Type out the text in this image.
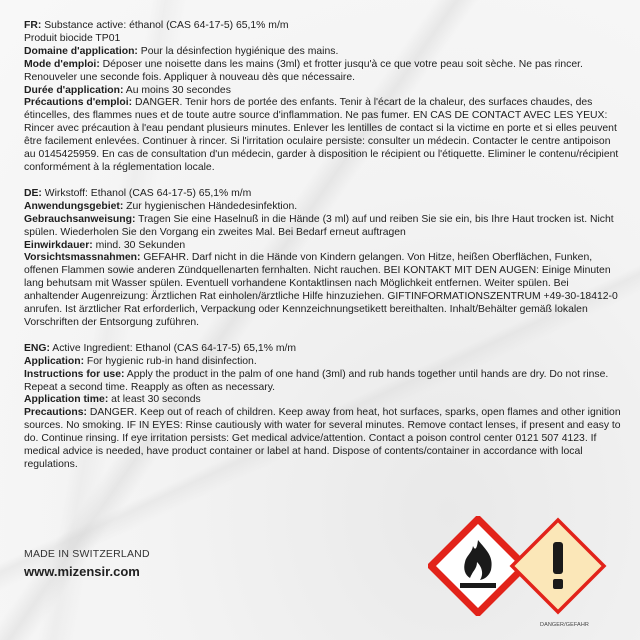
FR: Substance active: éthanol (CAS 64-17-5) 65,1% m/m
Produit biocide TP01
Domaine d'application: Pour la désinfection hygiénique des mains.
Mode d'emploi: Déposer une noisette dans les mains (3ml) et frotter jusqu'à ce que votre peau soit sèche. Ne pas rincer. Renouveler une seconde fois. Appliquer à nouveau dès que nécessaire.
Durée d'application: Au moins 30 secondes
Précautions d'emploi: DANGER. Tenir hors de portée des enfants. Tenir à l'écart de la chaleur, des surfaces chaudes, des étincelles, des flammes nues et de toute autre source d'inflammation. Ne pas fumer. EN CAS DE CONTACT AVEC LES YEUX: Rincer avec précaution à l'eau pendant plusieurs minutes. Enlever les lentilles de contact si la victime en porte et si elles peuvent être facilement enlevées. Continuer à rincer. Si l'irritation oculaire persiste: consulter un médecin. Contacter le centre antipoison au 0145425959. En cas de consultation d'un médecin, garder à disposition le récipient ou l'étiquette. Eliminer le contenu/récipient conformément à la réglementation locale.
DE: Wirkstoff: Ethanol (CAS 64-17-5) 65,1% m/m
Anwendungsgebiet: Zur hygienischen Händedesinfektion.
Gebrauchsanweisung: Tragen Sie eine Haselnuß in die Hände (3 ml) auf und reiben Sie sie ein, bis Ihre Haut trocken ist. Nicht spülen. Wiederholen Sie den Vorgang ein zweites Mal. Bei Bedarf erneut auftragen
Einwirkdauer: mind. 30 Sekunden
Vorsichtsmassnahmen: GEFAHR. Darf nicht in die Hände von Kindern gelangen. Von Hitze, heißen Oberflächen, Funken, offenen Flammen sowie anderen Zündquellenarten fernhalten. Nicht rauchen. BEI KONTAKT MIT DEN AUGEN: Einige Minuten lang behutsam mit Wasser spülen. Eventuell vorhandene Kontaktlinsen nach Möglichkeit entfernen. Weiter spülen. Bei anhaltender Augenreizung: Ärztlichen Rat einholen/ärztliche Hilfe hinzuziehen. GIFTINFORMATIONSZENTRUM +49-30-18412-0 anrufen. Ist ärztlicher Rat erforderlich, Verpackung oder Kennzeichnungsetikett bereithalten. Inhalt/Behälter gemäß lokalen Vorschriften der Entsorgung zuführen.
ENG: Active Ingredient: Ethanol (CAS 64-17-5) 65,1% m/m
Application: For hygienic rub-in hand disinfection.
Instructions for use: Apply the product in the palm of one hand (3ml) and rub hands together until hands are dry. Do not rinse. Repeat a second time. Reapply as often as necessary.
Application time: at least 30 seconds
Precautions: DANGER. Keep out of reach of children. Keep away from heat, hot surfaces, sparks, open flames and other ignition sources. No smoking. IF IN EYES: Rinse cautiously with water for several minutes. Remove contact lenses, if present and easy to do. Continue rinsing. If eye irritation persists: Get medical advice/attention. Contact a poison control center 0121 507 4123. If medical advice is needed, have product container or label at hand. Dispose of contents/container in accordance with local regulations.
MADE IN SWITZERLAND
www.mizensir.com
DANGER/GEFAHR
